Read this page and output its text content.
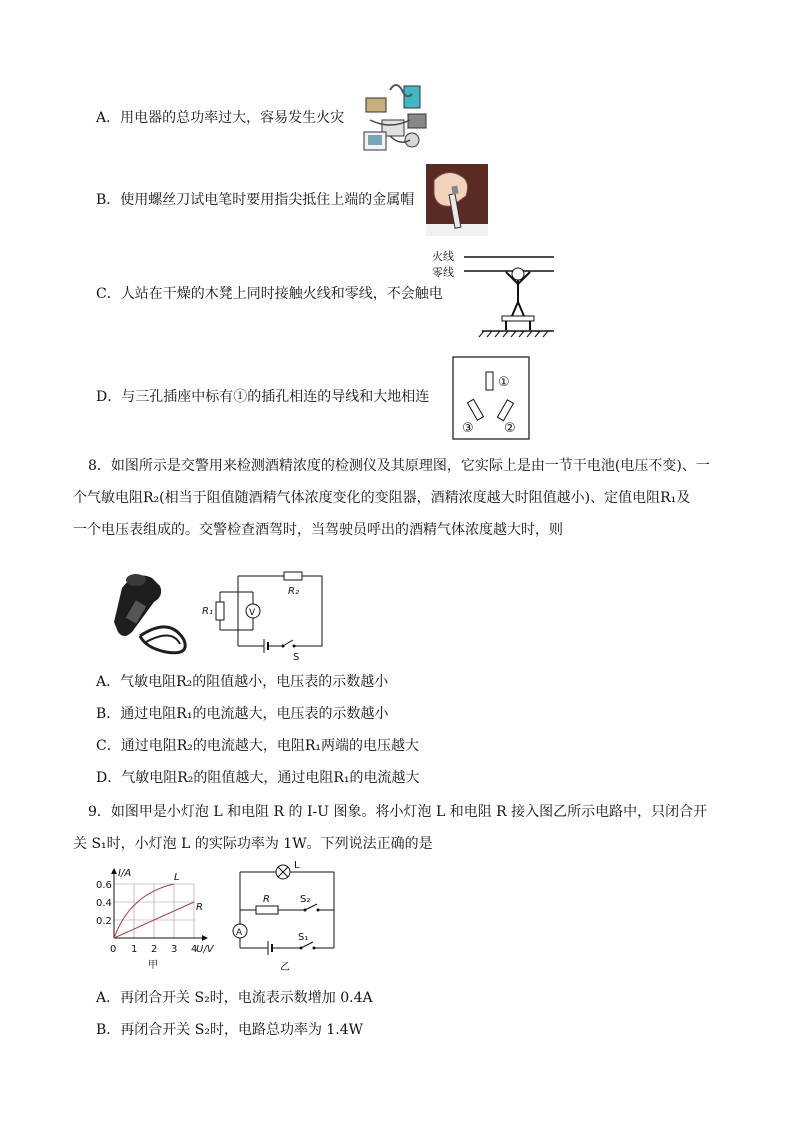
A．用电器的总功率过大，容易发生火灾
B．使用螺丝刀试电笔时要用指尖抵住上端的金属帽
C．人站在干燥的木凳上同时接触火线和零线，不会触电
D．与三孔插座中标有①的插孔相连的导线和大地相连
火线
零线
①
③ ②
8．如图所示是交警用来检测酒精浓度的检测仪及其原理图，它实际上是由一节干电池(电压不变)、一
个气敏电阻R₂(相当于阻值随酒精气体浓度变化的变阻器，酒精浓度越大时阻值越小)、定值电阻R₁及
一个电压表组成的。交警检查酒驾时，当驾驶员呼出的酒精气体浓度越大时，则
R₁	V
R₂
S
A．气敏电阻R₂的阻值越小，电压表的示数越小
B．通过电阻R₁的电流越大，电压表的示数越小
C．通过电阻R₂的电流越大，电阻R₁两端的电压越大
D．气敏电阻R₂的阻值越大，通过电阻R₁的电流越大
9．如图甲是小灯泡 L 和电阻 R 的 I-U 图象。将小灯泡 L 和电阻 R 接入图乙所示电路中，只闭合开
关 S₁时，小灯泡 L 的实际功率为 1W。下列说法正确的是
I/A
0.6
0.4
0.2
0 1 2 3 4
U/V
L
R
甲
L
A
R	S₂
S₁
乙
A．再闭合开关 S₂时，电流表示数增加 0.4A
B．再闭合开关 S₂时，电路总功率为 1.4W
